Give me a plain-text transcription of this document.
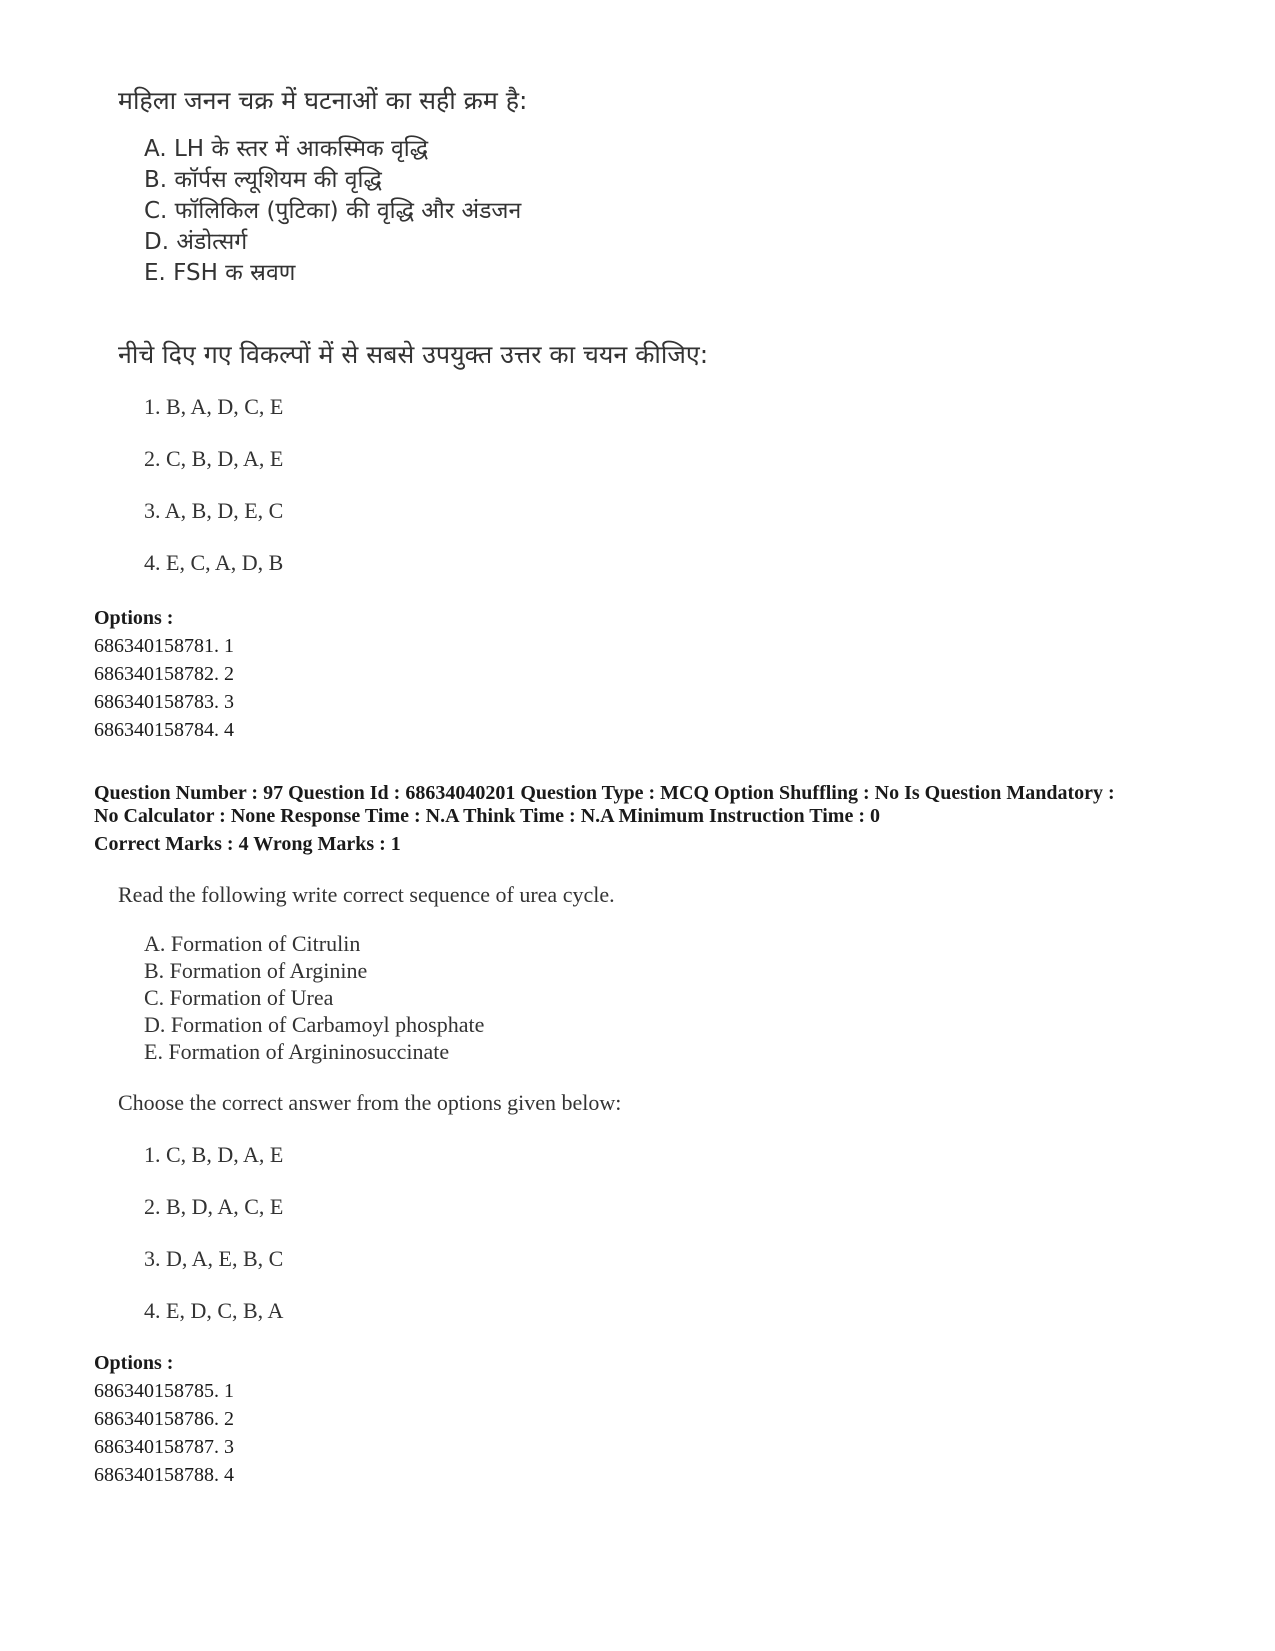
महिला जनन चक्र में घटनाओं का सही क्रम है:

A. LH के स्तर में आकस्मिक वृद्धि
B. कॉर्पस ल्यूशियम की वृद्धि
C. फॉलिकिल (पुटिका) की वृद्धि और अंडजन
D. अंडोत्सर्ग
E. FSH क स्रवण

नीचे दिए गए विकल्पों में से सबसे उपयुक्त उत्तर का चयन कीजिए:

1. B, A, D, C, E
2. C, B, D, A, E
3. A, B, D, E, C
4. E, C, A, D, B
Options :
686340158781. 1
686340158782. 2
686340158783. 3
686340158784. 4
Question Number : 97 Question Id : 68634040201 Question Type : MCQ Option Shuffling : No Is Question Mandatory :
No Calculator : None Response Time : N.A Think Time : N.A Minimum Instruction Time : 0
Correct Marks : 4 Wrong Marks : 1

Read the following write correct sequence of urea cycle.

A. Formation of Citrulin
B. Formation of Arginine
C. Formation of Urea
D. Formation of Carbamoyl phosphate
E. Formation of Argininosuccinate

Choose the correct answer from the options given below:

1. C, B, D, A, E
2. B, D, A, C, E
3. D, A, E, B, C
4. E, D, C, B, A
Options :
686340158785. 1
686340158786. 2
686340158787. 3
686340158788. 4
